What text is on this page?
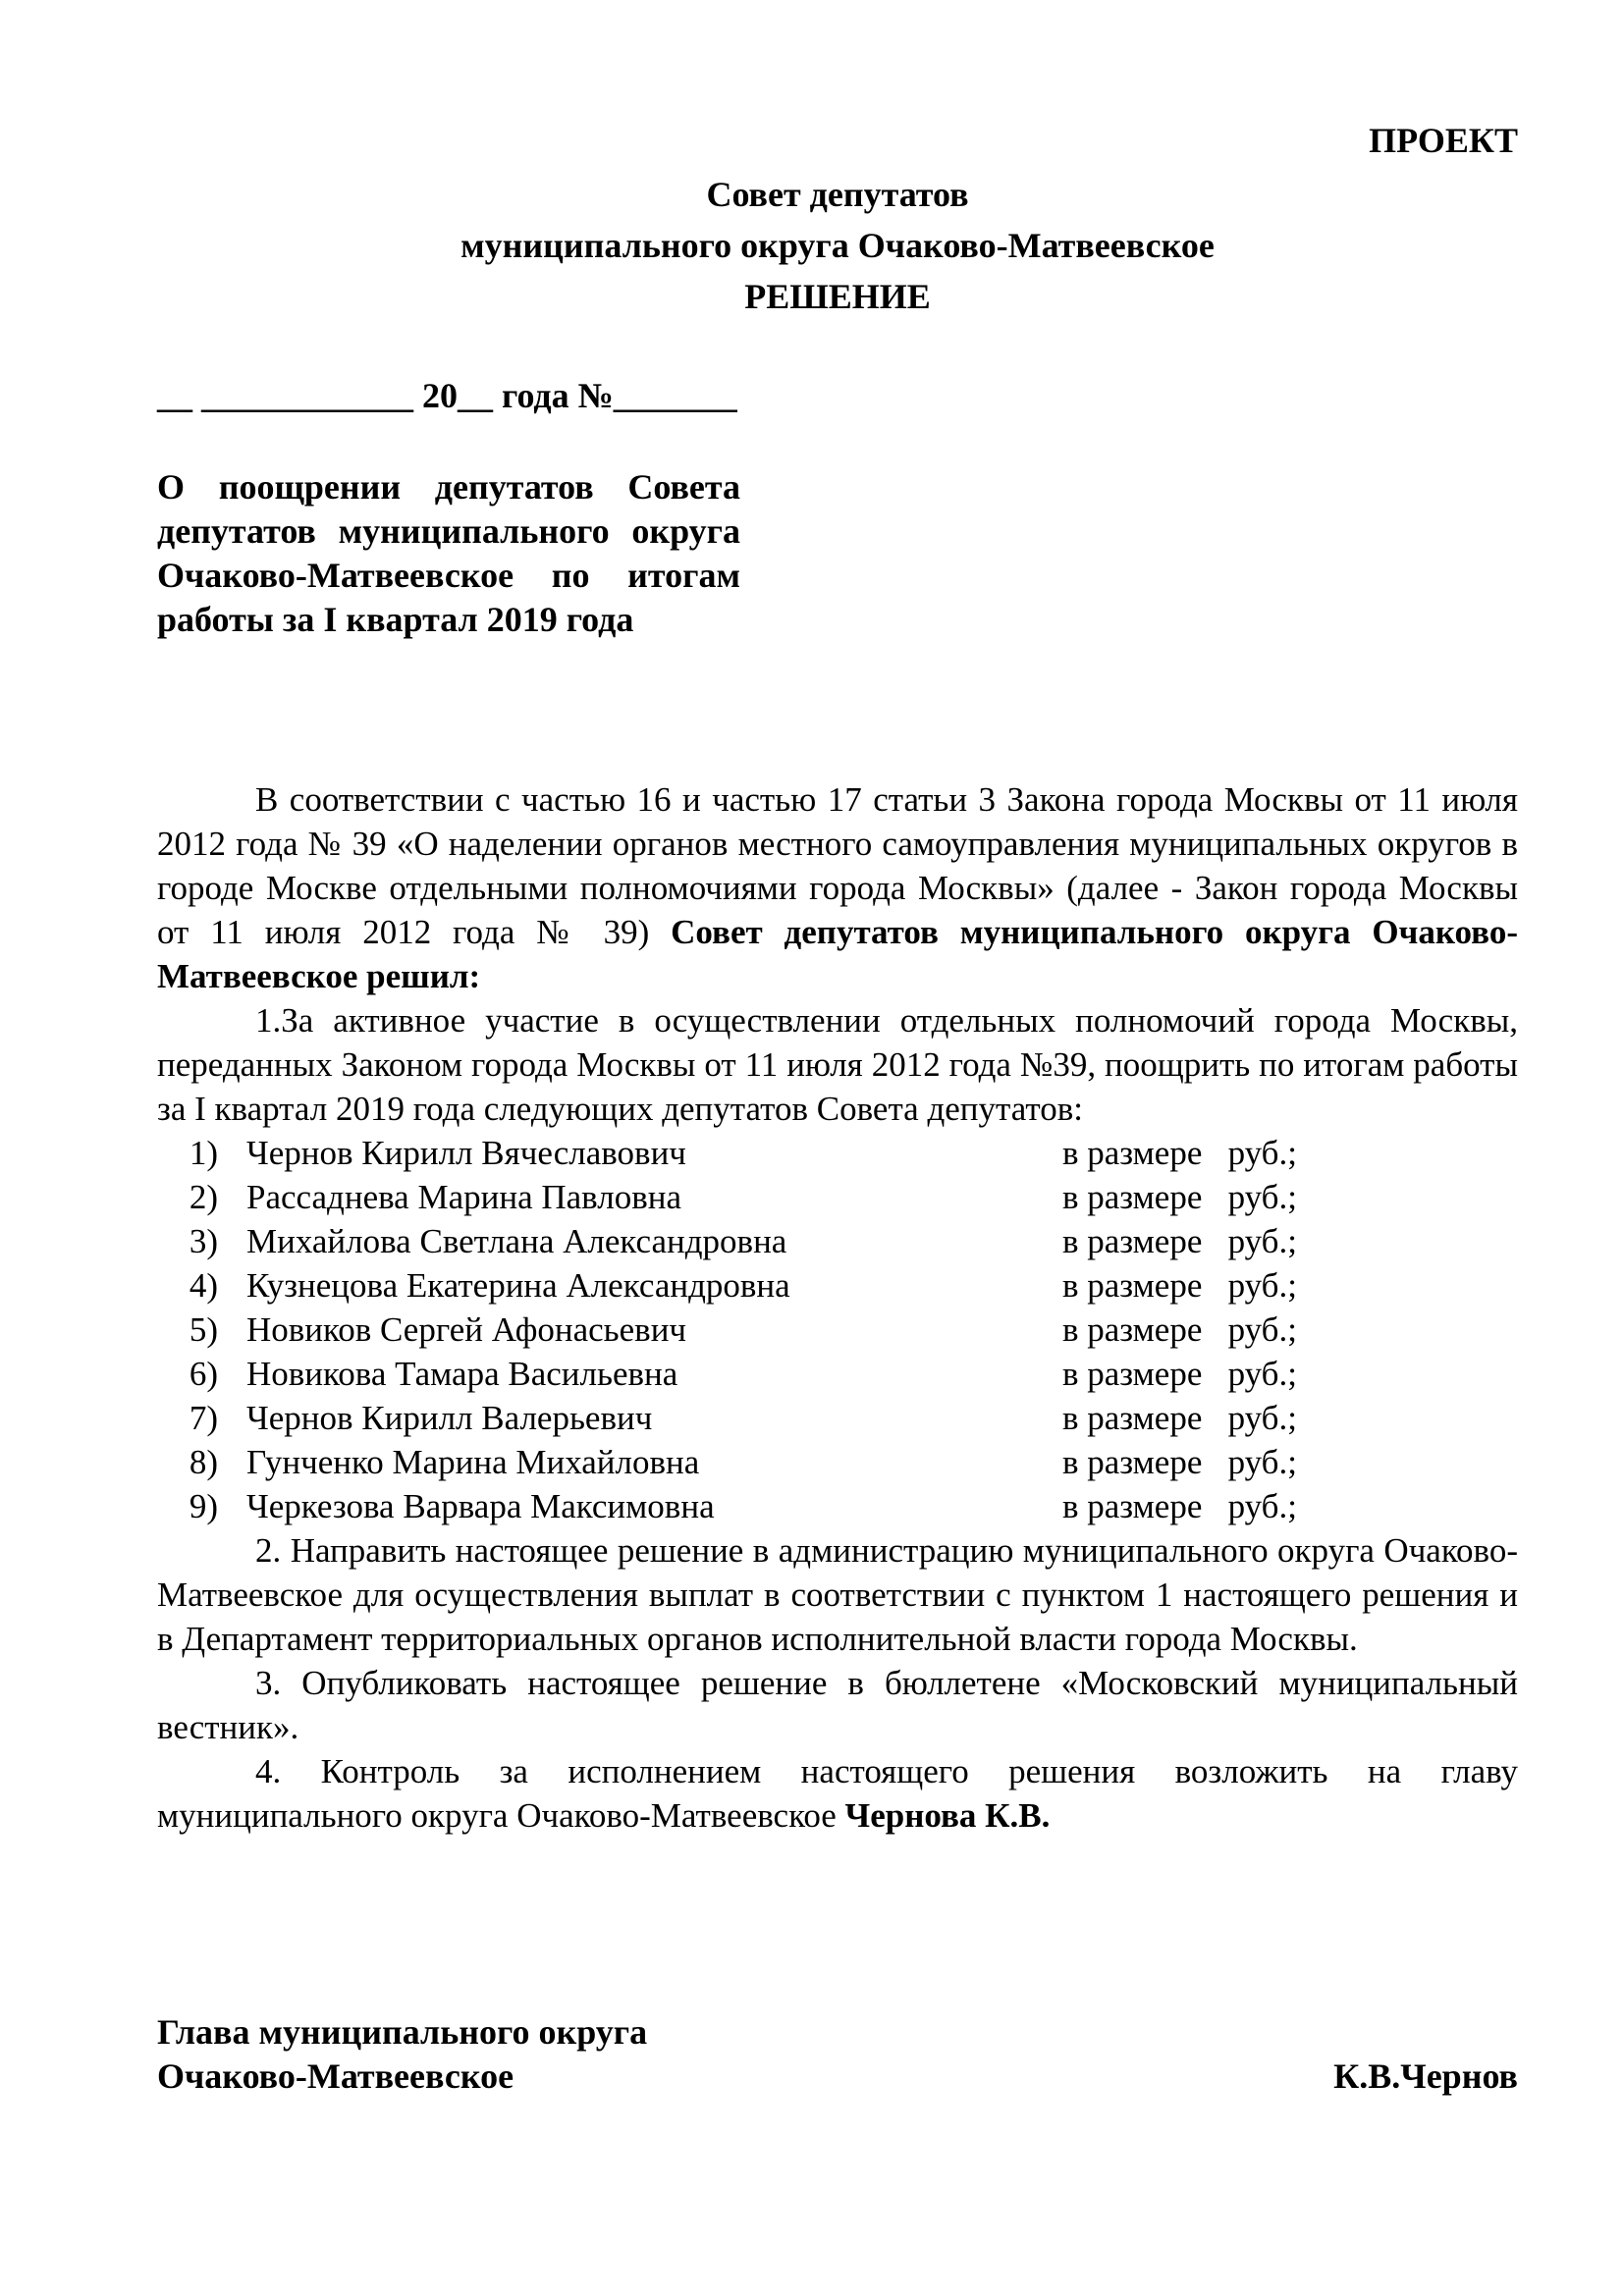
ПРОЕКТ
Совет депутатов
муниципального округа Очаково-Матвеевское
РЕШЕНИЕ
__ ____________ 20__ года №_______
О поощрении депутатов Совета депутатов муниципального округа Очаково-Матвеевское по итогам работы за I квартал 2019 года

В соответствии с частью 16 и частью 17 статьи 3 Закона города Москвы от 11 июля 2012 года № 39 «О наделении органов местного самоуправления муниципальных округов в городе Москве отдельными полномочиями города Москвы» (далее - Закон города Москвы от 11 июля 2012 года № 39) Совет депутатов муниципального округа Очаково-Матвеевское решил:

1.За активное участие в осуществлении отдельных полномочий города Москвы, переданных Законом города Москвы от 11 июля 2012 года №39, поощрить по итогам работы за I квартал 2019 года следующих депутатов Совета депутатов:

1) Чернов Кирилл Вячеславович	в размере   руб.;
2) Рассаднева Марина Павловна	в размере   руб.;
3) Михайлова Светлана Александровна	в размере   руб.;
4) Кузнецова Екатерина Александровна	в размере   руб.;
5) Новиков Сергей Афонасьевич	в размере   руб.;
6) Новикова Тамара Васильевна	в размере   руб.;
7) Чернов Кирилл Валерьевич	в размере   руб.;
8) Гунченко Марина Михайловна	в размере   руб.;
9) Черкезова Варвара Максимовна	в размере   руб.;

2. Направить настоящее решение в администрацию муниципального округа Очаково-Матвеевское для осуществления выплат в соответствии с пунктом 1 настоящего решения и в Департамент территориальных органов исполнительной власти города Москвы.

3. Опубликовать настоящее решение в бюллетене «Московский муниципальный вестник».

4. Контроль за исполнением настоящего решения возложить на главу муниципального округа Очаково-Матвеевское Чернова К.В.

Глава муниципального округа
Очаково-Матвеевское	К.В.Чернов
